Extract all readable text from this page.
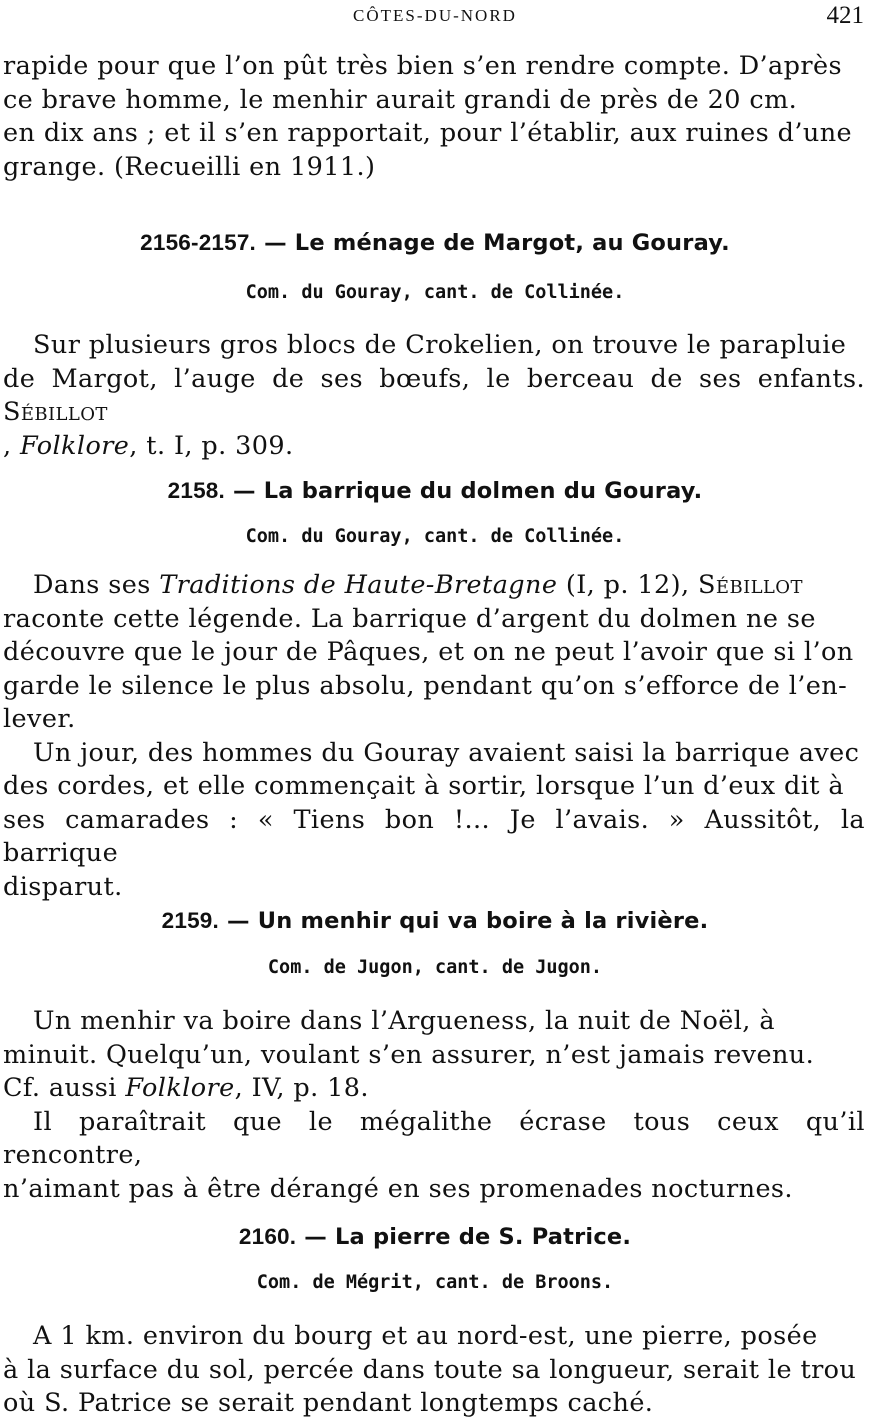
CÔTES-DU-NORD	421

rapide pour que l’on pût très bien s’en rendre compte. D’après

ce brave homme, le menhir aurait grandi de près de 20 cm.

en dix ans ; et il s’en rapportait, pour l’établir, aux ruines d’une

grange. (Recueilli en 1911.)

2156-2157. — Le ménage de Margot, au Gouray.
Com. du Gouray, cant. de Collinée.

Sur plusieurs gros blocs de Crokelien, on trouve le parapluie

de Margot, l’auge de ses bœufs, le berceau de ses enfants. Sébillot

, Folklore, t. I, p. 309.

2158. — La barrique du dolmen du Gouray.
Com. du Gouray, cant. de Collinée.

Dans ses Traditions de Haute-Bretagne (I, p. 12), Sébillot

raconte cette légende. La barrique d’argent du dolmen ne se

découvre que le jour de Pâques, et on ne peut l’avoir que si l’on

garde le silence le plus absolu, pendant qu’on s’efforce de l’en-

lever.

Un jour, des hommes du Gouray avaient saisi la barrique avec

des cordes, et elle commençait à sortir, lorsque l’un d’eux dit à

ses camarades : « Tiens bon !... Je l’avais. » Aussitôt, la barrique

disparut.

2159. — Un menhir qui va boire à la rivière.
Com. de Jugon, cant. de Jugon.

Un menhir va boire dans l’Argueness, la nuit de Noël, à

minuit. Quelqu’un, voulant s’en assurer, n’est jamais revenu.

Cf. aussi Folklore, IV, p. 18.

Il paraîtrait que le mégalithe écrase tous ceux qu’il rencontre,

n’aimant pas à être dérangé en ses promenades nocturnes.

2160. — La pierre de S. Patrice.
Com. de Mégrit, cant. de Broons.

A 1 km. environ du bourg et au nord-est, une pierre, posée

à la surface du sol, percée dans toute sa longueur, serait le trou

où S. Patrice se serait pendant longtemps caché.
